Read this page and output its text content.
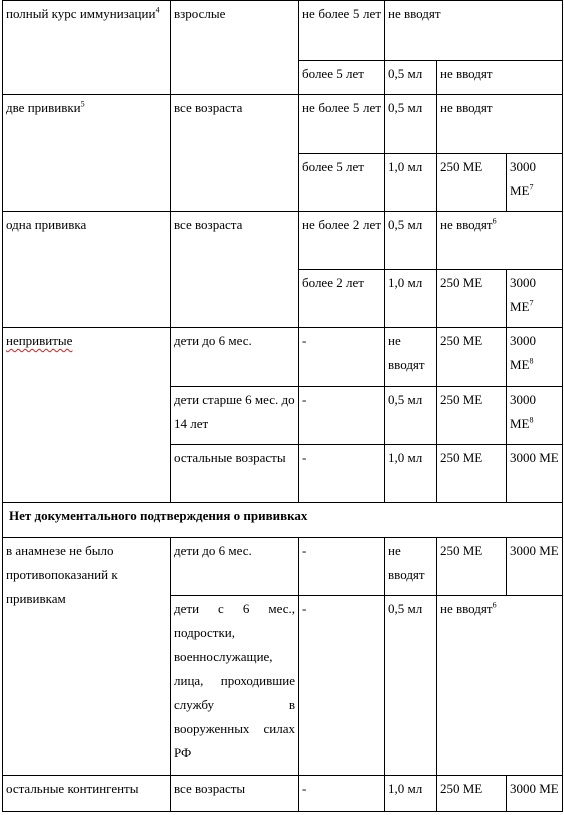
полный курс иммунизации$^4$	взрослые	не более 5 лет	не вводят		
		более 5 лет	0,5 мл	не вводят	
две прививки$^5$	все возраста	не более 5 лет	0,5 мл	не вводят	
		более 5 лет	1,0 мл	250 МЕ	3000 $МЕ^7$
одна прививка	все возраста	не более 2 лет	0,5 мл	не вводят$^6$
		более 2 лет	1,0 мл	250 МЕ	3000 $МЕ^7$
непривитые	дети до 6 мес.	-	не вводят	250 МЕ	3000 $МЕ^8$
	дети старше 6 мес. до 14 лет	-	0,5 мл	250 МЕ	3000 $МЕ^8$
	остальные возрасты	-	1,0 мл	250 МЕ	3000 МЕ
Нет документального подтверждения о прививках					
в анамнезе не было противопоказаний к прививкам	дети до 6 мес.	-	не вводят	250 МЕ	3000 МЕ
	дети с 6 мес., подростки, военнослужащие, лица, проходившие службу в вооруженных силах РФ	-	0,5 мл	не вводят$^6$
остальные контингенты	все возрасты	-	1,0 мл	250 МЕ	3000 МЕ
